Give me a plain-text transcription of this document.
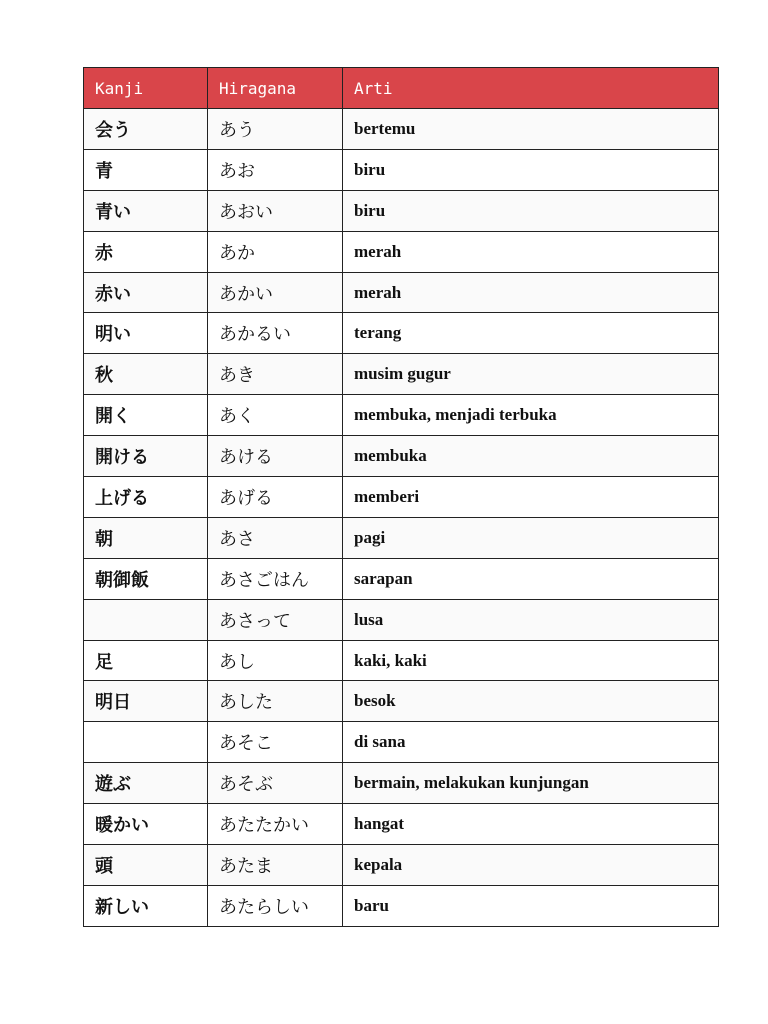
Kanji	Hiragana	Arti
会う	あう	bertemu
青	あお	biru
青い	あおい	biru
赤	あか	merah
赤い	あかい	merah
明い	あかるい	terang
秋	あき	musim gugur
開く	あく	membuka, menjadi terbuka
開ける	あける	membuka
上げる	あげる	memberi
朝	あさ	pagi
朝御飯	あさごはん	sarapan
	あさって	lusa
足	あし	kaki, kaki
明日	あした	besok
	あそこ	di sana
遊ぶ	あそぶ	bermain, melakukan kunjungan
暖かい	あたたかい	hangat
頭	あたま	kepala
新しい	あたらしい	baru
